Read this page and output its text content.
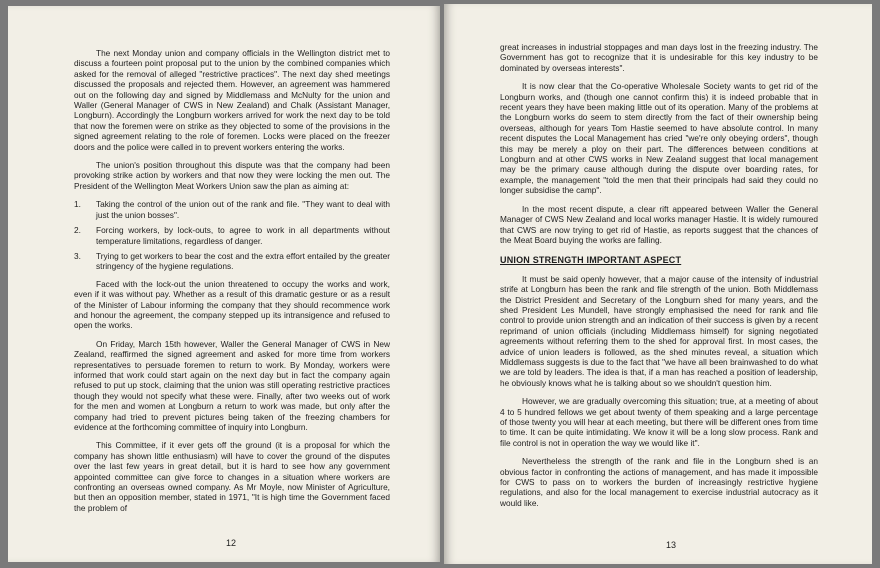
The next Monday union and company officials in the Wellington district met to discuss a fourteen point proposal put to the union by the combined companies which asked for the removal of alleged "restrictive practices". The next day shed meetings discussed the proposals and rejected them. However, an agreement was hammered out on the following day and signed by Middlemass and McNulty for the union and Waller (General Manager of CWS in New Zealand) and Chalk (Assistant Manager, Longburn). Accordingly the Longburn workers arrived for work the next day to be told that now the foremen were on strike as they objected to some of the provisions in the signed agreement relating to the role of foremen. Locks were placed on the freezer doors and the police were called in to prevent workers entering the works.

The union's position throughout this dispute was that the company had been provoking strike action by workers and that now they were locking the men out. The President of the Wellington Meat Workers Union saw the plan as aiming at:

1.	Taking the control of the union out of the rank and file. "They want to deal with just the union bosses".
2.	Forcing workers, by lock-outs, to agree to work in all departments without temperature limitations, regardless of danger.
3.	Trying to get workers to bear the cost and the extra effort entailed by the greater stringency of the hygiene regulations.

Faced with the lock-out the union threatened to occupy the works and work, even if it was without pay. Whether as a result of this dramatic gesture or as a result of the Minister of Labour informing the company that they should recommence work and honour the agreement, the company stepped up its intransigence and refused to open the works.

On Friday, March 15th however, Waller the General Manager of CWS in New Zealand, reaffirmed the signed agreement and asked for more time from workers representatives to persuade foremen to return to work. By Monday, workers were informed that work could start again on the next day but in fact the company again refused to put up stock, claiming that the union was still operating restrictive practices though they would not specify what these were. Finally, after two weeks out of work for the men and women at Longburn a return to work was made, but only after the company had tried to prevent pictures being taken of the freezing chambers for evidence at the forthcoming committee of inquiry into Longburn.

This Committee, if it ever gets off the ground (it is a proposal for which the company has shown little enthusiasm) will have to cover the ground of the disputes over the last few years in great detail, but it is hard to see how any government appointed committee can give force to changes in a situation where workers are confronting an overseas owned company. As Mr Moyle, now Minister of Agriculture, but then an opposition member, stated in 1971, "It is high time the Government faced the problem of

12

great increases in industrial stoppages and man days lost in the freezing industry. The Government has got to recognize that it is undesirable for this key industry to be dominated by overseas interests".

It is now clear that the Co-operative Wholesale Society wants to get rid of the Longburn works, and (though one cannot confirm this) it is indeed probable that in recent years they have been making little out of its operation. Many of the problems at the Longburn works do seem to stem directly from the fact of their ownership being overseas, although for years Tom Hastie seemed to have absolute control. In many recent disputes the Local Management has cried "we're only obeying orders", though this may be merely a ploy on their part. The differences between conditions at Longburn and at other CWS works in New Zealand suggest that local management may be the primary cause although during the dispute over boarding rates, for example, the management "told the men that their principals had said they could no longer subsidise the camp".

In the most recent dispute, a clear rift appeared between Waller the General Manager of CWS New Zealand and local works manager Hastie. It is widely rumoured that CWS are now trying to get rid of Hastie, as reports suggest that the chances of the Meat Board buying the works are falling.

UNION STRENGTH IMPORTANT ASPECT

It must be said openly however, that a major cause of the intensity of industrial strife at Longburn has been the rank and file strength of the union. Both Middlemass the District President and Secretary of the Longburn shed for many years, and the shed President Les Mundell, have strongly emphasised the need for rank and file control to provide union strength and an indication of their success is given by a recent reprimand of union officials (including Middlemass himself) for signing negotiated agreements without referring them to the shed for approval first. In most cases, the advice of union leaders is followed, as the shed minutes reveal, a situation which Middlemass suggests is due to the fact that "we have all been brainwashed to do what we are told by leaders. The idea is that, if a man has reached a position of leadership, he obviously knows what he is talking about so we shouldn't question him.

However, we are gradually overcoming this situation; true, at a meeting of about 4 to 5 hundred fellows we get about twenty of them speaking and a large percentage of those twenty you will hear at each meeting, but there will be different ones from time to time. It can be quite intimidating. We know it will be a long slow process. Rank and file control is not in operation the way we would like it".

Nevertheless the strength of the rank and file in the Longburn shed is an obvious factor in confronting the actions of management, and has made it impossible for CWS to pass on to workers the burden of increasingly restrictive hygiene regulations, and also for the local management to exercise industrial autocracy as it would like.

13
